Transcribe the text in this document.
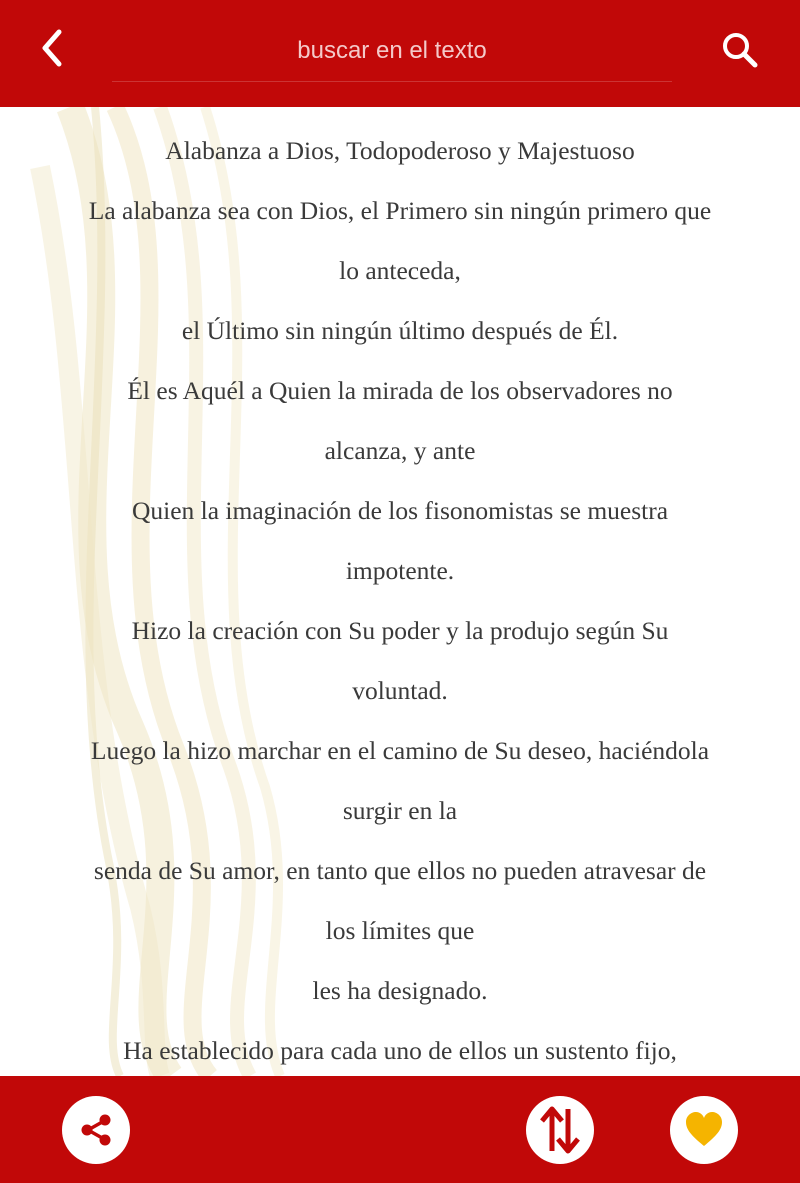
buscar en el texto

Alabanza a Dios, Todopoderoso y Majestuoso

La alabanza sea con Dios, el Primero sin ningún primero que

lo anteceda,

el Último sin ningún último después de Él.

Él es Aquél a Quien la mirada de los observadores no

alcanza, y ante

Quien la imaginación de los fisonomistas se muestra

impotente.

Hizo la creación con Su poder y la produjo según Su

voluntad.

Luego la hizo marchar en el camino de Su deseo, haciéndola

surgir en la

senda de Su amor, en tanto que ellos no pueden atravesar de

los límites que

les ha designado.

Ha establecido para cada uno de ellos un sustento fijo,
